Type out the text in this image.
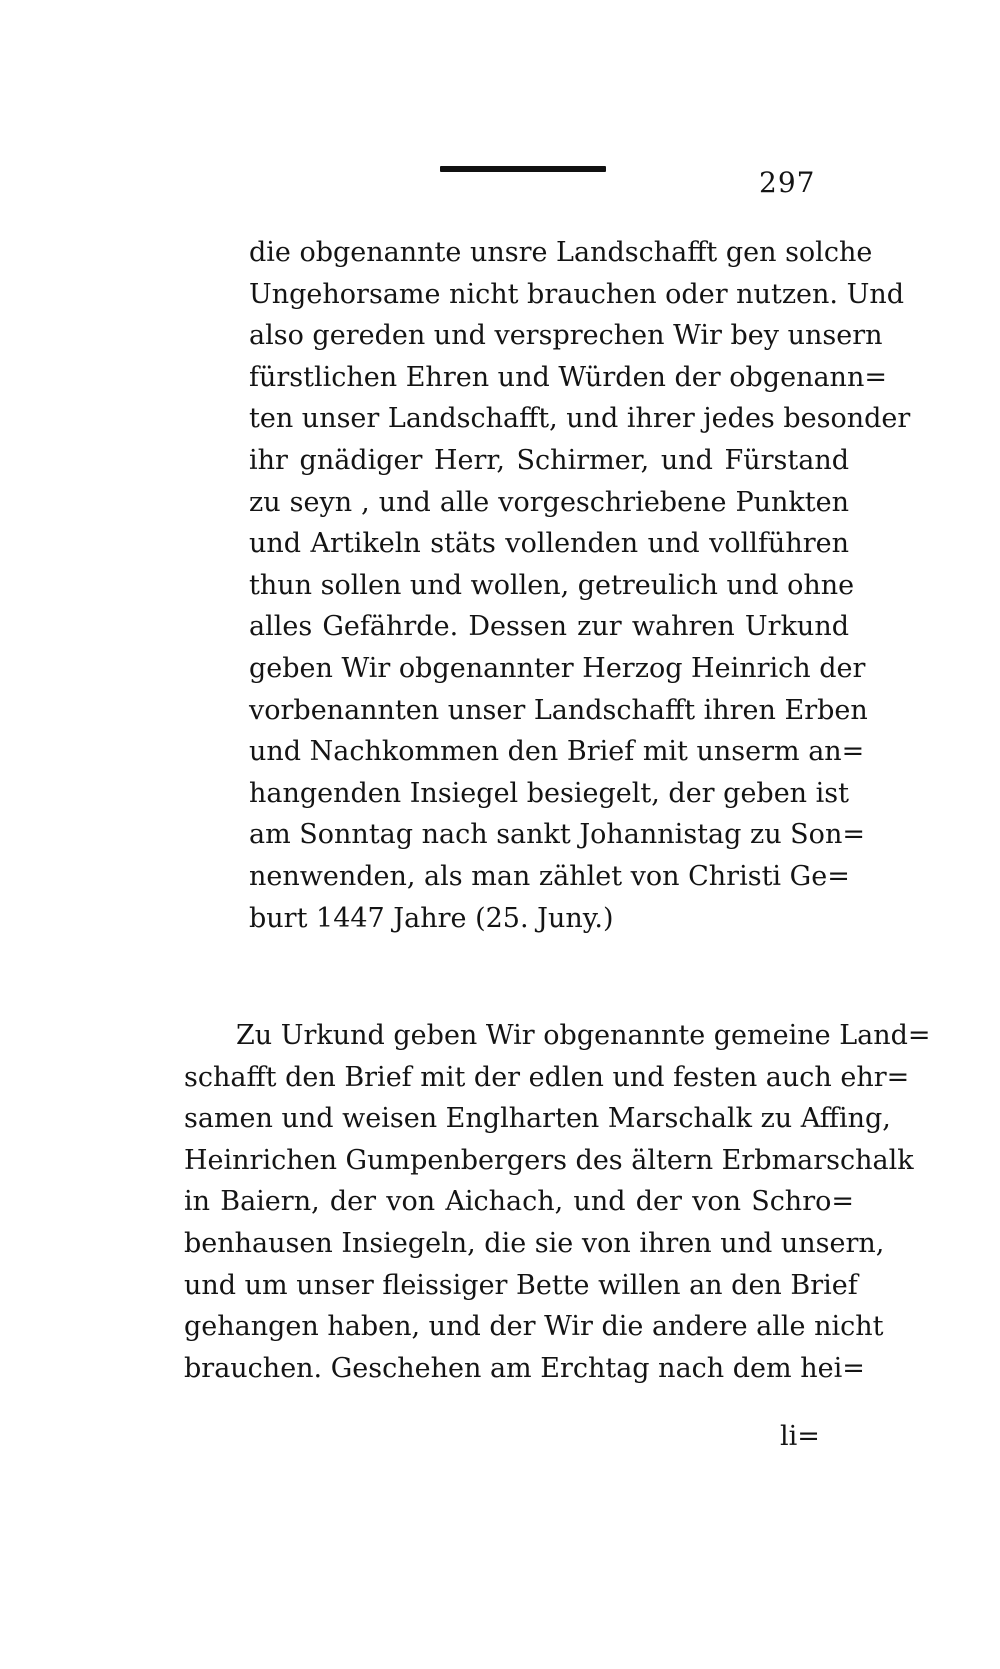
297
die obgenannte unsre Landschafft gen solche
Ungehorsame nicht brauchen oder nutzen. Und
also gereden und versprechen Wir bey unsern
fürstlichen Ehren und Würden der obgenann=
ten unser Landschafft, und ihrer jedes besonder
ihr gnädiger Herr, Schirmer, und Fürstand
zu seyn , und alle vorgeschriebene Punkten
und Artikeln stäts vollenden und vollführen
thun sollen und wollen, getreulich und ohne
alles Gefährde. Dessen zur wahren Urkund
geben Wir obgenannter Herzog Heinrich der
vorbenannten unser Landschafft ihren Erben
und Nachkommen den Brief mit unserm an=
hangenden Insiegel besiegelt, der geben ist
am Sonntag nach sankt Johannistag zu Son=
nenwenden, als man zählet von Christi Ge=
burt 1447 Jahre (25. Juny.)
Zu Urkund geben Wir obgenannte gemeine Land=
schafft den Brief mit der edlen und festen auch ehr=
samen und weisen Englharten Marschalk zu Affing,
Heinrichen Gumpenbergers des ältern Erbmarschalk
in Baiern, der von Aichach, und der von Schro=
benhausen Insiegeln, die sie von ihren und unsern,
und um unser fleissiger Bette willen an den Brief
gehangen haben, und der Wir die andere alle nicht
brauchen. Geschehen am Erchtag nach dem hei=
li=
